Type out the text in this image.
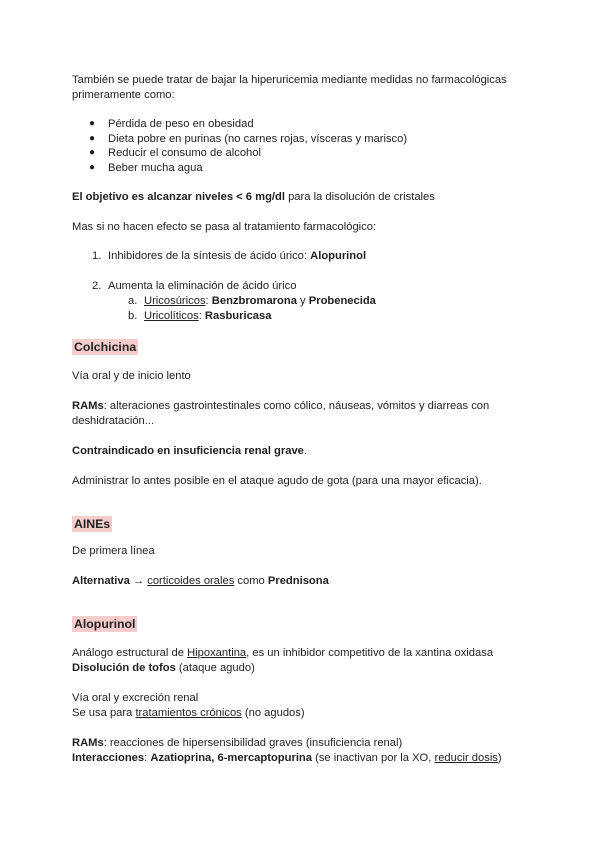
También se puede tratar de bajar la hiperuricemia mediante medidas no farmacológicas
primeramente como:

● Pérdida de peso en obesidad
● Dieta pobre en purinas (no carnes rojas, vísceras y marisco)
● Reducir el consumo de alcohol
● Beber mucha agua

El objetivo es alcanzar niveles < 6 mg/dl para la disolución de cristales

Mas si no hacen efecto se pasa al tratamiento farmacológico:

1. Inhibidores de la síntesis de ácido úrico: Alopurinol
2. Aumenta la eliminación de ácido úrico
a. Uricosúricos: Benzbromarona y Probenecida
b. Uricolíticos: Rasburicasa
Colchicina

Vía oral y de inicio lento

RAMs: alteraciones gastrointestinales como cólico, náuseas, vómitos y diarreas con
deshidratación...

Contraindicado en insuficiencia renal grave.

Administrar lo antes posible en el ataque agudo de gota (para una mayor eficacia).

AINEs

De primera línea

Alternativa → corticoides orales como Prednisona

Alopurinol

Análogo estructural de Hipoxantina, es un inhibidor competitivo de la xantina oxidasa
Disolución de tofos (ataque agudo)

Vía oral y excreción renal
Se usa para tratamientos crónicos (no agudos)

RAMs: reacciones de hipersensibilidad graves (insuficiencia renal)
Interacciones: Azatioprina, 6-mercaptopurina (se inactivan por la XO, reducir dosis)
